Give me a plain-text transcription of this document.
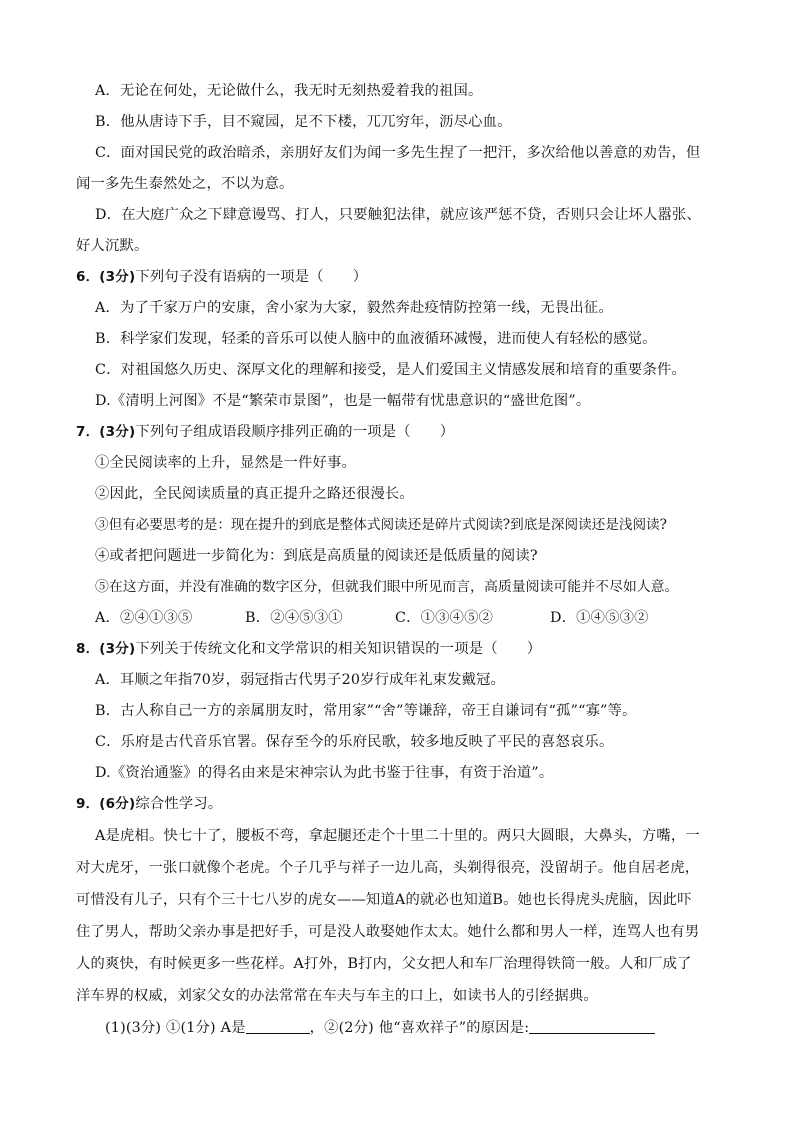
A．无论在何处，无论做什么，我无时无刻热爱着我的祖国。
B．他从唐诗下手，目不窥园，足不下楼，兀兀穷年，沥尽心血。
C．面对国民党的政治暗杀，亲朋好友们为闻一多先生捏了一把汗，多次给他以善意的劝告，但
闻一多先生泰然处之，不以为意。
D．在大庭广众之下肆意谩骂、打人，只要触犯法律，就应该严惩不贷，否则只会让坏人嚣张、
好人沉默。
6．(3分)下列句子没有语病的一项是（　　）
A．为了千家万户的安康，舍小家为大家，毅然奔赴疫情防控第一线，无畏出征。
B．科学家们发现，轻柔的音乐可以使人脑中的血液循环减慢，进而使人有轻松的感觉。
C．对祖国悠久历史、深厚文化的理解和接受，是人们爱国主义情感发展和培育的重要条件。
D.《清明上河图》不是“繁荣市景图”，也是一幅带有忧患意识的“盛世危图”。
7．(3分)下列句子组成语段顺序排列正确的一项是（　　）
①全民阅读率的上升，显然是一件好事。
②因此，全民阅读质量的真正提升之路还很漫长。
③但有必要思考的是：现在提升的到底是整体式阅读还是碎片式阅读?到底是深阅读还是浅阅读?
④或者把问题进一步简化为：到底是高质量的阅读还是低质量的阅读?
⑤在这方面，并没有准确的数字区分，但就我们眼中所见而言，高质量阅读可能并不尽如人意。
A．②④①③⑤	B．②④⑤③①	C．①③④⑤②	D．①④⑤③②
8．(3分)下列关于传统文化和文学常识的相关知识错误的一项是（　　）
A．耳顺之年指70岁，弱冠指古代男子20岁行成年礼束发戴冠。
B．古人称自己一方的亲属朋友时，常用家”“舍”等谦辞，帝王自谦词有“孤”“寡”等。
C．乐府是古代音乐官署。保存至今的乐府民歌，较多地反映了平民的喜怒哀乐。
D.《资治通鉴》的得名由来是宋神宗认为此书鉴于往事，有资于治道”。
9．(6分)综合性学习。
A是虎相。快七十了，腰板不弯，拿起腿还走个十里二十里的。两只大圆眼，大鼻头，方嘴，一
对大虎牙，一张口就像个老虎。个子几乎与祥子一边儿高，头剃得很亮，没留胡子。他自居老虎，
可惜没有儿子，只有个三十七八岁的虎女——知道A的就必也知道B。她也长得虎头虎脑，因此吓
住了男人，帮助父亲办事是把好手，可是没人敢娶她作太太。她什么都和男人一样，连骂人也有男
人的爽快，有时候更多一些花样。A打外，B打内，父女把人和车厂治理得铁筒一般。人和厂成了
洋车界的权威，刘家父女的办法常常在车夫与车主的口上，如读书人的引经据典。
(1)(3分) ①(1分) A是	，②(2分) 他“喜欢祥子”的原因是:
